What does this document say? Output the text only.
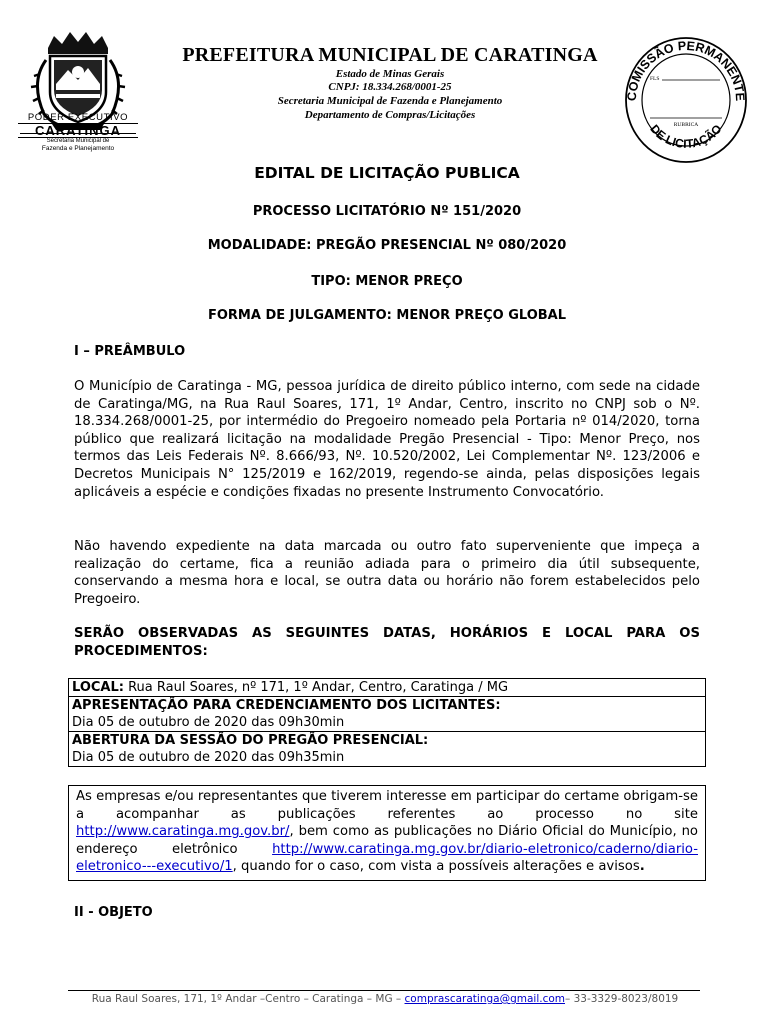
PODER EXECUTIVO
CARATINGA
Secretaria Municipal de
Fazenda e Planejamento
PREFEITURA MUNICIPAL DE CARATINGA
Estado de Minas Gerais
CNPJ: 18.334.268/0001-25
Secretaria Municipal de Fazenda e Planejamento
Departamento de Compras/Licitações
COMISSÃO PERMANENTE
DE LICITAÇÃO
FLS
RUBRICA
EDITAL DE LICITAÇÃO PUBLICA
PROCESSO LICITATÓRIO Nº 151/2020
MODALIDADE: PREGÃO PRESENCIAL Nº 080/2020
TIPO: MENOR PREÇO
FORMA DE JULGAMENTO: MENOR PREÇO GLOBAL
I – PREÂMBULO
O Município de Caratinga - MG, pessoa jurídica de direito público interno, com sede na cidade de Caratinga/MG, na Rua Raul Soares, 171, 1º Andar, Centro, inscrito no CNPJ sob o Nº. 18.334.268/0001-25, por intermédio do Pregoeiro nomeado pela Portaria nº 014/2020, torna público que realizará licitação na modalidade Pregão Presencial - Tipo: Menor Preço, nos termos das Leis Federais Nº. 8.666/93, Nº. 10.520/2002, Lei Complementar Nº. 123/2006 e Decretos Municipais N° 125/2019 e 162/2019, regendo-se ainda, pelas disposições legais aplicáveis a espécie e condições fixadas no presente Instrumento Convocatório.
Não havendo expediente na data marcada ou outro fato superveniente que impeça a realização do certame, fica a reunião adiada para o primeiro dia útil subsequente, conservando a mesma hora e local, se outra data ou horário não forem estabelecidos pelo Pregoeiro.
SERÃO OBSERVADAS AS SEGUINTES DATAS, HORÁRIOS E LOCAL PARA OS PROCEDIMENTOS:
LOCAL: Rua Raul Soares, nº 171, 1º Andar, Centro, Caratinga / MG

APRESENTAÇÃO PARA CREDENCIAMENTO DOS LICITANTES:
Dia 05 de outubro de 2020 das 09h30min

ABERTURA DA SESSÃO DO PREGÃO PRESENCIAL:
Dia 05 de outubro de 2020 das 09h35min
As empresas e/ou representantes que tiverem interesse em participar do certame obrigam-se a acompanhar as publicações referentes ao processo no site http://www.caratinga.mg.gov.br/, bem como as publicações no Diário Oficial do Município, no endereço eletrônico http://www.caratinga.mg.gov.br/diario-eletronico/caderno/diario-eletronico---executivo/1, quando for o caso, com vista a possíveis alterações e avisos.
II - OBJETO
Rua Raul Soares, 171, 1º Andar –Centro – Caratinga – MG – comprascaratinga@gmail.com– 33-3329-8023/8019
